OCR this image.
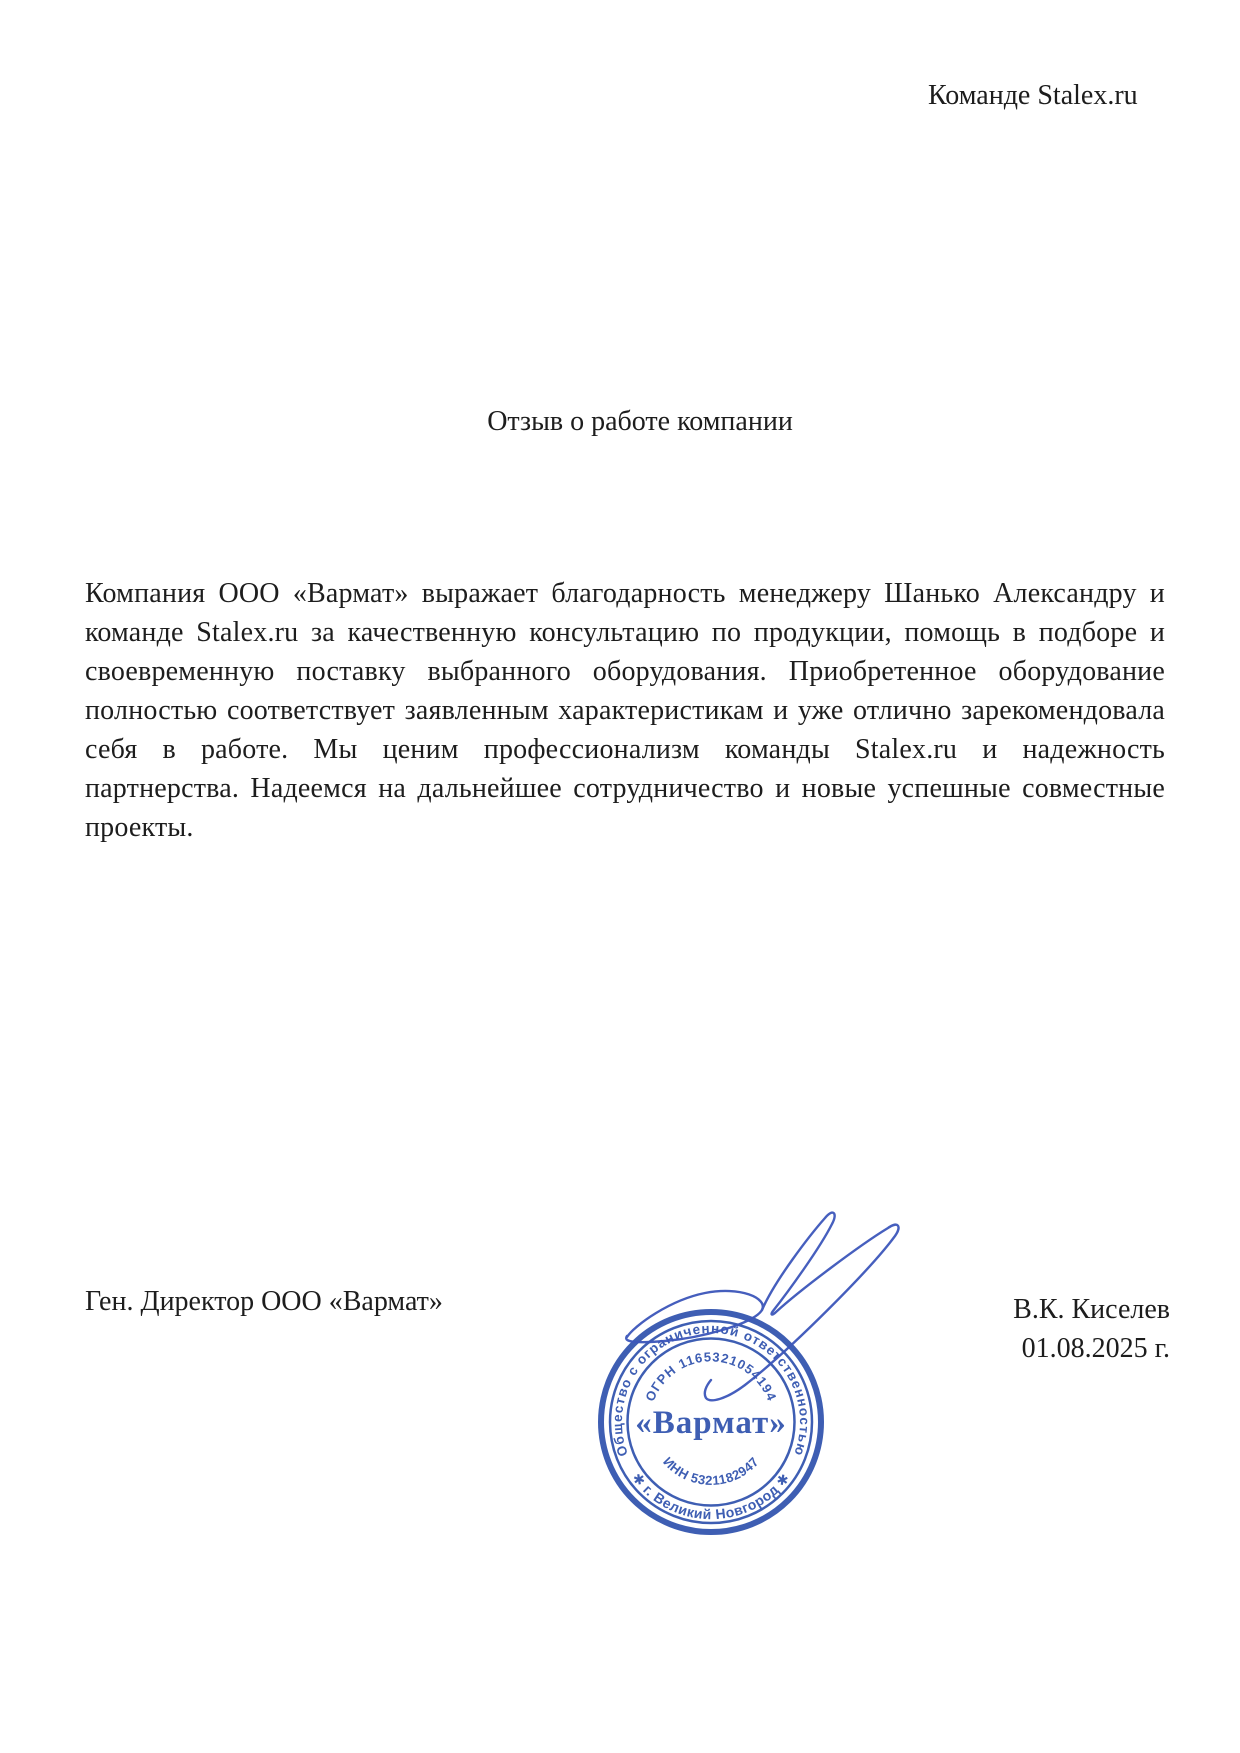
Команде Stalex.ru
Отзыв о работе компании

Компания ООО «Вармат» выражает благодарность менеджеру Шанько Александру и команде Stalex.ru за качественную консультацию по продукции, помощь в подборе и своевременную поставку выбранного оборудования. Приобретенное оборудование полностью соответствует заявленным характеристикам и уже отлично зарекомендовала себя в работе. Мы ценим профессионализм команды Stalex.ru и надежность партнерства. Надеемся на дальнейшее сотрудничество и новые успешные совместные проекты.

Ген. Директор ООО «Вармат»	В.К. Киселев
01.08.2025 г.
Общество с ограниченной ответственностью
✱ г. Великий Новгород ✱
ОГРН 1165321054194
ИНН 5321182947
«Вармат»
